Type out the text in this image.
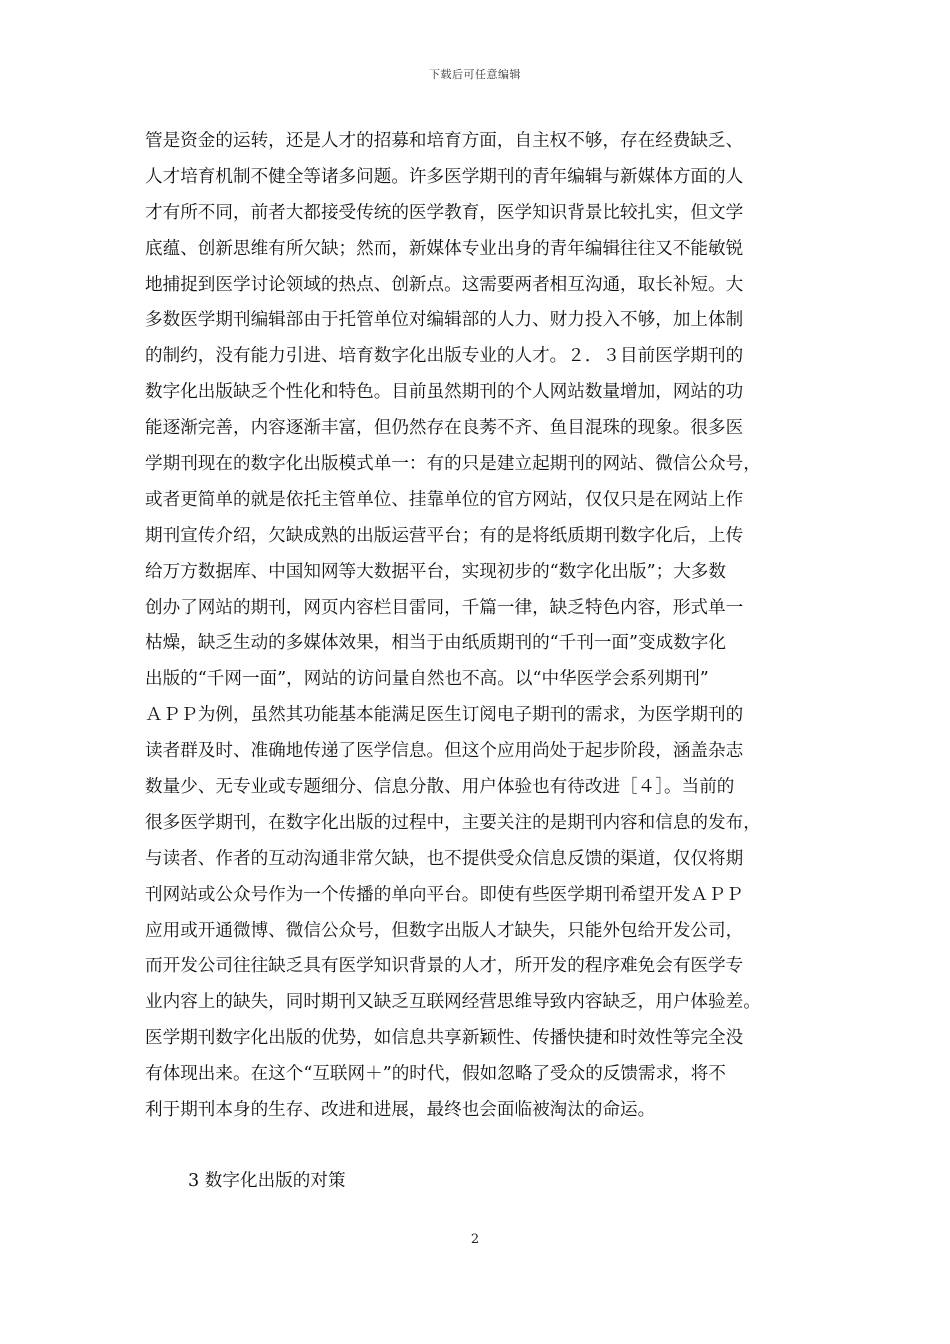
下载后可任意编辑
管是资金的运转，还是人才的招募和培育方面，自主权不够，存在经费缺乏、
人才培育机制不健全等诸多问题。许多医学期刊的青年编辑与新媒体方面的人
才有所不同，前者大都接受传统的医学教育，医学知识背景比较扎实，但文学
底蕴、创新思维有所欠缺；然而，新媒体专业出身的青年编辑往往又不能敏锐
地捕捉到医学讨论领域的热点、创新点。这需要两者相互沟通，取长补短。大
多数医学期刊编辑部由于托管单位对编辑部的人力、财力投入不够，加上体制
的制约，没有能力引进、培育数字化出版专业的人才。２．３目前医学期刊的
数字化出版缺乏个性化和特色。目前虽然期刊的个人网站数量增加，网站的功
能逐渐完善，内容逐渐丰富，但仍然存在良莠不齐、鱼目混珠的现象。很多医
学期刊现在的数字化出版模式单一：有的只是建立起期刊的网站、微信公众号，
或者更简单的就是依托主管单位、挂靠单位的官方网站，仅仅只是在网站上作
期刊宣传介绍，欠缺成熟的出版运营平台；有的是将纸质期刊数字化后，上传
给万方数据库、中国知网等大数据平台，实现初步的“数字化出版”；大多数
创办了网站的期刊，网页内容栏目雷同，千篇一律，缺乏特色内容，形式单一
枯燥，缺乏生动的多媒体效果，相当于由纸质期刊的“千刊一面”变成数字化
出版的“千网一面”，网站的访问量自然也不高。以“中华医学会系列期刊”
ＡＰＰ为例，虽然其功能基本能满足医生订阅电子期刊的需求，为医学期刊的
读者群及时、准确地传递了医学信息。但这个应用尚处于起步阶段，涵盖杂志
数量少、无专业或专题细分、信息分散、用户体验也有待改进［４］。当前的
很多医学期刊，在数字化出版的过程中，主要关注的是期刊内容和信息的发布，
与读者、作者的互动沟通非常欠缺，也不提供受众信息反馈的渠道，仅仅将期
刊网站或公众号作为一个传播的单向平台。即使有些医学期刊希望开发ＡＰＰ
应用或开通微博、微信公众号，但数字出版人才缺失，只能外包给开发公司，
而开发公司往往缺乏具有医学知识背景的人才，所开发的程序难免会有医学专
业内容上的缺失，同时期刊又缺乏互联网经营思维导致内容缺乏，用户体验差。
医学期刊数字化出版的优势，如信息共享新颖性、传播快捷和时效性等完全没
有体现出来。在这个“互联网＋”的时代，假如忽略了受众的反馈需求，将不
利于期刊本身的生存、改进和进展，最终也会面临被淘汰的命运。
3 数字化出版的对策
2
